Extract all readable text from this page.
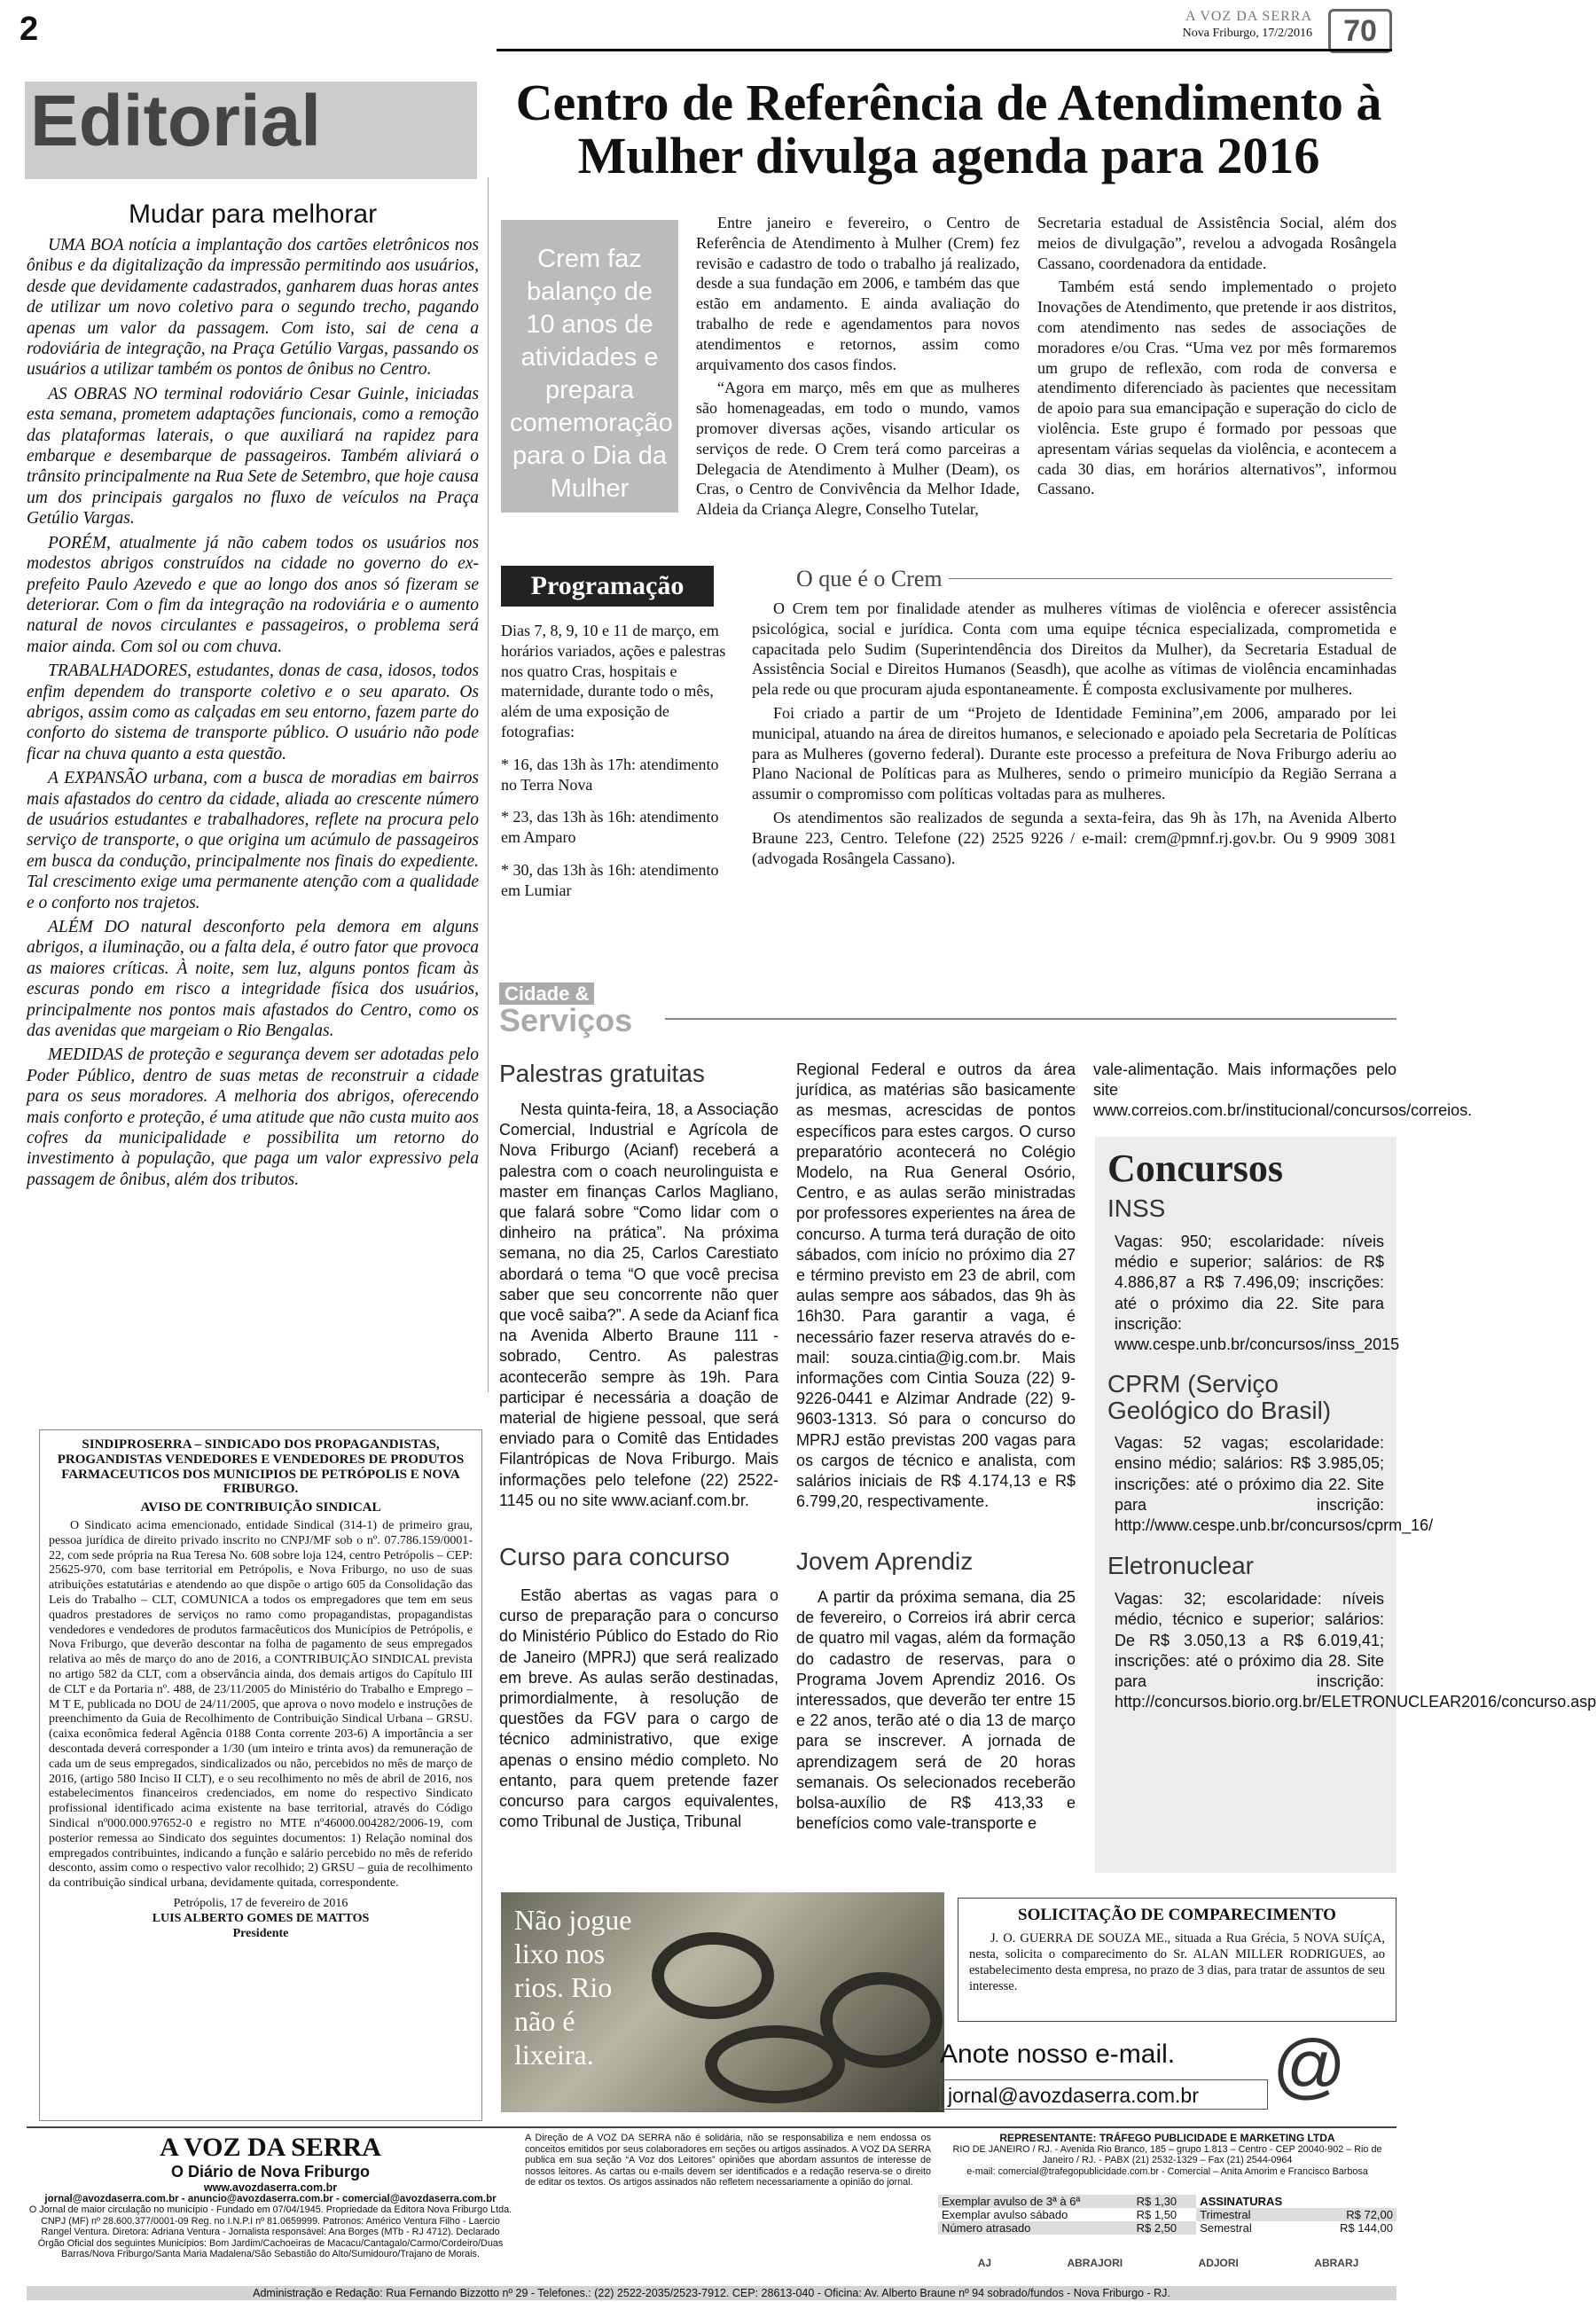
2	A VOZ DA SERRA
Nova Friburgo, 17/2/2016	70
Editorial
Mudar para melhorar

UMA BOA notícia a implantação dos cartões eletrônicos nos ônibus e da digitalização da impressão permitindo aos usuários, desde que devidamente cadastrados, ganharem duas horas antes de utilizar um novo coletivo para o segundo trecho, pagando apenas um valor da passagem. Com isto, sai de cena a rodoviária de integração, na Praça Getúlio Vargas, passando os usuários a utilizar também os pontos de ônibus no Centro.

AS OBRAS NO terminal rodoviário Cesar Guinle, iniciadas esta semana, prometem adaptações funcionais, como a remoção das plataformas laterais, o que auxiliará na rapidez para embarque e desembarque de passageiros. Também aliviará o trânsito principalmente na Rua Sete de Setembro, que hoje causa um dos principais gargalos no fluxo de veículos na Praça Getúlio Vargas.

PORÉM, atualmente já não cabem todos os usuários nos modestos abrigos construídos na cidade no governo do ex-prefeito Paulo Azevedo e que ao longo dos anos só fizeram se deteriorar. Com o fim da integração na rodoviária e o aumento natural de novos circulantes e passageiros, o problema será maior ainda. Com sol ou com chuva.

TRABALHADORES, estudantes, donas de casa, idosos, todos enfim dependem do transporte coletivo e o seu aparato. Os abrigos, assim como as calçadas em seu entorno, fazem parte do conforto do sistema de transporte público. O usuário não pode ficar na chuva quanto a esta questão.

A EXPANSÃO urbana, com a busca de moradias em bairros mais afastados do centro da cidade, aliada ao crescente número de usuários estudantes e trabalhadores, reflete na procura pelo serviço de transporte, o que origina um acúmulo de passageiros em busca da condução, principalmente nos finais do expediente. Tal crescimento exige uma permanente atenção com a qualidade e o conforto nos trajetos.

ALÉM DO natural desconforto pela demora em alguns abrigos, a iluminação, ou a falta dela, é outro fator que provoca as maiores críticas. À noite, sem luz, alguns pontos ficam às escuras pondo em risco a integridade física dos usuários, principalmente nos pontos mais afastados do Centro, como os das avenidas que margeiam o Rio Bengalas.

MEDIDAS de proteção e segurança devem ser adotadas pelo Poder Público, dentro de suas metas de reconstruir a cidade para os seus moradores. A melhoria dos abrigos, oferecendo mais conforto e proteção, é uma atitude que não custa muito aos cofres da municipalidade e possibilita um retorno do investimento à população, que paga um valor expressivo pela passagem de ônibus, além dos tributos.

SINDIPROSERRA – SINDICADO DOS PROPAGANDISTAS, PROGANDISTAS VENDEDORES E VENDEDORES DE PRODUTOS FARMACEUTICOS DOS MUNICIPIOS DE PETRÓPOLIS E NOVA FRIBURGO.
AVISO DE CONTRIBUIÇÃO SINDICAL

O Sindicato acima emencionado, entidade Sindical (314-1) de primeiro grau, pessoa jurídica de direito privado inscrito no CNPJ/MF sob o nº. 07.786.159/0001-22, com sede própria na Rua Teresa No. 608 sobre loja 124, centro Petrópolis – CEP: 25625-970, com base territorial em Petrópolis, e Nova Friburgo, no uso de suas atribuições estatutárias e atendendo ao que dispõe o artigo 605 da Consolidação das Leis do Trabalho – CLT, COMUNICA a todos os empregadores que tem em seus quadros prestadores de serviços no ramo como propagandistas, propagandistas vendedores e vendedores de produtos farmacêuticos dos Municípios de Petrópolis, e Nova Friburgo, que deverão descontar na folha de pagamento de seus empregados relativa ao mês de março do ano de 2016, a CONTRIBUIÇÃO SINDICAL prevista no artigo 582 da CLT, com a observância ainda, dos demais artigos do Capítulo III de CLT e da Portaria nº. 488, de 23/11/2005 do Ministério do Trabalho e Emprego – M T E, publicada no DOU de 24/11/2005, que aprova o novo modelo e instruções de preenchimento da Guia de Recolhimento de Contribuição Sindical Urbana – GRSU.(caixa econômica federal Agência 0188 Conta corrente 203-6) A importância a ser descontada deverá corresponder a 1/30 (um inteiro e trinta avos) da remuneração de cada um de seus empregados, sindicalizados ou não, percebidos no mês de março de 2016, (artigo 580 Inciso II CLT), e o seu recolhimento no mês de abril de 2016, nos estabelecimentos financeiros credenciados, em nome do respectivo Sindicato profissional identificado acima existente na base territorial, através do Código Sindical nº000.000.97652-0 e registro no MTE nº46000.004282/2006-19, com posterior remessa ao Sindicato dos seguintes documentos: 1) Relação nominal dos empregados contribuintes, indicando a função e salário percebido no mês de referido desconto, assim como o respectivo valor recolhido; 2) GRSU – guia de recolhimento da contribuição sindical urbana, devidamente quitada, correspondente.

Petrópolis, 17 de fevereiro de 2016
LUIS ALBERTO GOMES DE MATTOS
Presidente
Centro de Referência de Atendimento à Mulher divulga agenda para 2016
Crem faz balanço de 10 anos de atividades e prepara comemoração para o Dia da Mulher

Entre janeiro e fevereiro, o Centro de Referência de Atendimento à Mulher (Crem) fez revisão e cadastro de todo o trabalho já realizado, desde a sua fundação em 2006, e também das que estão em andamento. E ainda avaliação do trabalho de rede e agendamentos para novos atendimentos e retornos, assim como arquivamento dos casos findos.

“Agora em março, mês em que as mulheres são homenageadas, em todo o mundo, vamos promover diversas ações, visando articular os serviços de rede. O Crem terá como parceiras a Delegacia de Atendimento à Mulher (Deam), os Cras, o Centro de Convivência da Melhor Idade, Aldeia da Criança Alegre, Conselho Tutelar,

Secretaria estadual de Assistência Social, além dos meios de divulgação”, revelou a advogada Rosângela Cassano, coordenadora da entidade.

Também está sendo implementado o projeto Inovações de Atendimento, que pretende ir aos distritos, com atendimento nas sedes de associações de moradores e/ou Cras. “Uma vez por mês formaremos um grupo de reflexão, com roda de conversa e atendimento diferenciado às pacientes que necessitam de apoio para sua emancipação e superação do ciclo de violência. Este grupo é formado por pessoas que apresentam várias sequelas da violência, e acontecem a cada 30 dias, em horários alternativos”, informou Cassano.

Programação

Dias 7, 8, 9, 10 e 11 de março, em horários variados, ações e palestras nos quatro Cras, hospitais e maternidade, durante todo o mês, além de uma exposição de fotografias:

* 16, das 13h às 17h: atendimento no Terra Nova

* 23, das 13h às 16h: atendimento em Amparo

* 30, das 13h às 16h: atendimento em Lumiar

O que é o Crem

O Crem tem por finalidade atender as mulheres vítimas de violência e oferecer assistência psicológica, social e jurídica. Conta com uma equipe técnica especializada, comprometida e capacitada pelo Sudim (Superintendência dos Direitos da Mulher), da Secretaria Estadual de Assistência Social e Direitos Humanos (Seasdh), que acolhe as vítimas de violência encaminhadas pela rede ou que procuram ajuda espontaneamente. É composta exclusivamente por mulheres.

Foi criado a partir de um “Projeto de Identidade Feminina”,em 2006, amparado por lei municipal, atuando na área de direitos humanos, e selecionado e apoiado pela Secretaria de Políticas para as Mulheres (governo federal). Durante este processo a prefeitura de Nova Friburgo aderiu ao Plano Nacional de Políticas para as Mulheres, sendo o primeiro município da Região Serrana a assumir o compromisso com políticas voltadas para as mulheres.

Os atendimentos são realizados de segunda a sexta-feira, das 9h às 17h, na Avenida Alberto Braune 223, Centro. Telefone (22) 2525 9226 / e-mail: crem@pmnf.rj.gov.br. Ou 9 9909 3081 (advogada Rosângela Cassano).

Cidade &
Serviços
Palestras gratuitas

Nesta quinta-feira, 18, a Associação Comercial, Industrial e Agrícola de Nova Friburgo (Acianf) receberá a palestra com o coach neurolinguista e master em finanças Carlos Magliano, que falará sobre “Como lidar com o dinheiro na prática”. Na próxima semana, no dia 25, Carlos Carestiato abordará o tema “O que você precisa saber que seu concorrente não quer que você saiba?”. A sede da Acianf fica na Avenida Alberto Braune 111 - sobrado, Centro. As palestras acontecerão sempre às 19h. Para participar é necessária a doação de material de higiene pessoal, que será enviado para o Comitê das Entidades Filantrópicas de Nova Friburgo. Mais informações pelo telefone (22) 2522-1145 ou no site www.acianf.com.br.

Curso para concurso

Estão abertas as vagas para o curso de preparação para o concurso do Ministério Público do Estado do Rio de Janeiro (MPRJ) que será realizado em breve. As aulas serão destinadas, primordialmente, à resolução de questões da FGV para o cargo de técnico administrativo, que exige apenas o ensino médio completo. No entanto, para quem pretende fazer concurso para cargos equivalentes, como Tribunal de Justiça, Tribunal

Regional Federal e outros da área jurídica, as matérias são basicamente as mesmas, acrescidas de pontos específicos para estes cargos. O curso preparatório acontecerá no Colégio Modelo, na Rua General Osório, Centro, e as aulas serão ministradas por professores experientes na área de concurso. A turma terá duração de oito sábados, com início no próximo dia 27 e término previsto em 23 de abril, com aulas sempre aos sábados, das 9h às 16h30. Para garantir a vaga, é necessário fazer reserva através do e-mail: souza.cintia@ig.com.br. Mais informações com Cintia Souza (22) 9-9226-0441 e Alzimar Andrade (22) 9-9603-1313. Só para o concurso do MPRJ estão previstas 200 vagas para os cargos de técnico e analista, com salários iniciais de R$ 4.174,13 e R$ 6.799,20, respectivamente.

Jovem Aprendiz

A partir da próxima semana, dia 25 de fevereiro, o Correios irá abrir cerca de quatro mil vagas, além da formação do cadastro de reservas, para o Programa Jovem Aprendiz 2016. Os interessados, que deverão ter entre 15 e 22 anos, terão até o dia 13 de março para se inscrever. A jornada de aprendizagem será de 20 horas semanais. Os selecionados receberão bolsa-auxílio de R$ 413,33 e benefícios como vale-transporte e

vale-alimentação. Mais informações pelo site www.correios.com.br/institucional/concursos/correios.

Concursos
INSS
Vagas: 950; escolaridade: níveis médio e superior; salários: de R$ 4.886,87 a R$ 7.496,09; inscrições: até o próximo dia 22. Site para inscrição: www.cespe.unb.br/concursos/inss_2015
CPRM (Serviço Geológico do Brasil)
Vagas: 52 vagas; escolaridade: ensino médio; salários: R$ 3.985,05; inscrições: até o próximo dia 22. Site para inscrição: http://www.cespe.unb.br/concursos/cprm_16/
Eletronuclear
Vagas: 32; escolaridade: níveis médio, técnico e superior; salários: De R$ 3.050,13 a R$ 6.019,41; inscrições: até o próximo dia 28. Site para inscrição: http://concursos.biorio.org.br/ELETRONUCLEAR2016/concurso.asp
Não jogue lixo nos rios. Rio não é lixeira.
SOLICITAÇÃO DE COMPARECIMENTO

J. O. GUERRA DE SOUZA ME., situada a Rua Grécia, 5 NOVA SUÍÇA, nesta, solicita o comparecimento do Sr. ALAN MILLER RODRIGUES, ao estabelecimento desta empresa, no prazo de 3 dias, para tratar de assuntos de seu interesse.

Anote nosso e-mail.
jornal@avozdaserra.com.br	@
A VOZ DA SERRA
O Diário de Nova Friburgo
www.avozdaserra.com.br
jornal@avozdaserra.com.br - anuncio@avozdaserra.com.br - comercial@avozdaserra.com.br
O Jornal de maior circulação no município - Fundado em 07/04/1945. Propriedade da Editora Nova Friburgo Ltda. CNPJ (MF) nº 28.600.377/0001-09 Reg. no I.N.P.I nº 81.0659999. Patronos: Américo Ventura Filho - Laercio Rangel Ventura. Diretora: Adriana Ventura - Jornalista responsável: Ana Borges (MTb - RJ 4712). Declarado Órgão Oficial dos seguintes Municípios: Bom Jardim/Cachoeiras de Macacu/Cantagalo/Carmo/Cordeiro/Duas Barras/Nova Friburgo/Santa Maria Madalena/São Sebastião do Alto/Sumidouro/Trajano de Morais.
A Direção de A VOZ DA SERRA não é solidária, não se responsabiliza e nem endossa os conceitos emitidos por seus colaboradores em seções ou artigos assinados. A VOZ DA SERRA publica em sua seção “A Voz dos Leitores” opiniões que abordam assuntos de interesse de nossos leitores. As cartas ou e-mails devem ser identificados e a redação reserva-se o direito de editar os textos. Os artigos assinados não refletem necessariamente a opinião do jornal.
REPRESENTANTE: TRÁFEGO PUBLICIDADE E MARKETING LTDA
RIO DE JANEIRO / RJ. - Avenida Rio Branco, 185 – grupo 1.813 – Centro - CEP 20040-902 – Rio de Janeiro / RJ. - PABX (21) 2532-1329 – Fax (21) 2544-0964
e-mail: comercial@trafegopublicidade.com.br - Comercial – Anita Amorim e Francisco Barbosa
Exemplar avulso de 3ª à 6ª	R$ 1,30	ASSINATURAS	
Exemplar avulso sábado	R$ 1,50	Trimestral	R$ 72,00
Número atrasado	R$ 2,50	Semestral	R$ 144,00
AJ	ABRAJORI	ADJORI	ABRARJ
Administração e Redação: Rua Fernando Bizzotto nº 29 - Telefones.: (22) 2522-2035/2523-7912. CEP: 28613-040 - Oficina: Av. Alberto Braune nº 94 sobrado/fundos - Nova Friburgo - RJ.
